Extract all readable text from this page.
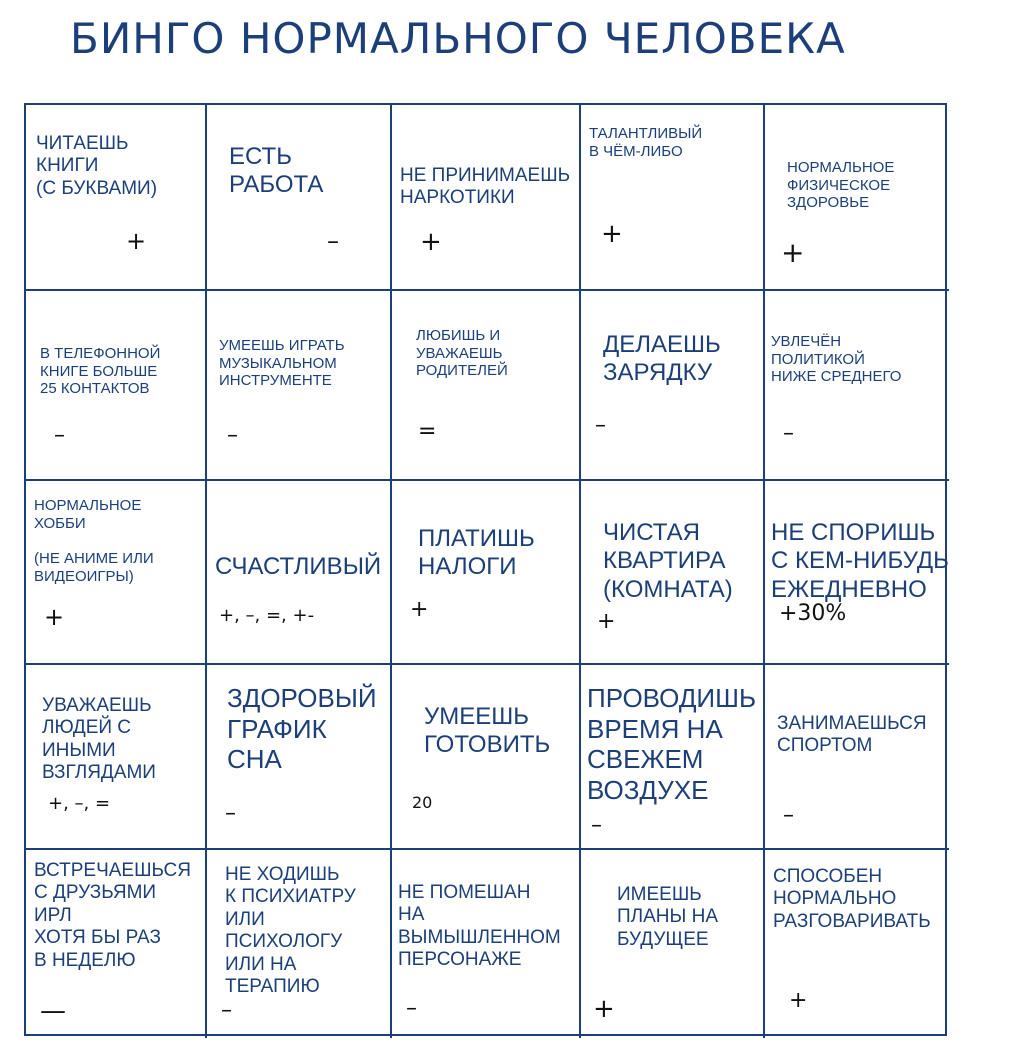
БИНГО НОРМАЛЬНОГО ЧЕЛОВЕКА
ЧИТАЕШЬ
КНИГИ
(С БУКВАМИ)
+
ЕСТЬ
РАБОТА
–
НЕ ПРИНИМАЕШЬ
НАРКОТИКИ
+
ТАЛАНТЛИВЫЙ
В ЧЁМ-ЛИБО
+
НОРМАЛЬНОЕ
ФИЗИЧЕСКОЕ
ЗДОРОВЬЕ
+
В ТЕЛЕФОННОЙ
КНИГЕ БОЛЬШЕ
25 КОНТАКТОВ
–
УМЕЕШЬ ИГРАТЬ
МУЗЫКАЛЬНОМ
ИНСТРУМЕНТЕ
–
ЛЮБИШЬ И
УВАЖАЕШЬ
РОДИТЕЛЕЙ
=
ДЕЛАЕШЬ
ЗАРЯДКУ
–
УВЛЕЧЁН
ПОЛИТИКОЙ
НИЖЕ СРЕДНЕГО
–
НОРМАЛЬНОЕ
ХОББИ

(НЕ АНИМЕ ИЛИ
ВИДЕОИГРЫ)
+
СЧАСТЛИВЫЙ
+, –, =, +-
ПЛАТИШЬ
НАЛОГИ
+
ЧИСТАЯ
КВАРТИРА
(КОМНАТА)
+
НЕ СПОРИШЬ
С КЕМ-НИБУДЬ
ЕЖЕДНЕВНО
+30%
УВАЖАЕШЬ
ЛЮДЕЙ С
ИНЫМИ
ВЗГЛЯДАМИ
+, –, =
ЗДОРОВЫЙ
ГРАФИК
СНА
–
УМЕЕШЬ
ГОТОВИТЬ
20
ПРОВОДИШЬ
ВРЕМЯ НА
СВЕЖЕМ
ВОЗДУХЕ
–
ЗАНИМАЕШЬСЯ
СПОРТОМ
–
ВСТРЕЧАЕШЬСЯ
С ДРУЗЬЯМИ
ИРЛ
ХОТЯ БЫ РАЗ
В НЕДЕЛЮ
—
НЕ ХОДИШЬ
К ПСИХИАТРУ
ИЛИ
ПСИХОЛОГУ
ИЛИ НА
ТЕРАПИЮ
–
НЕ ПОМЕШАН
НА
ВЫМЫШЛЕННОМ
ПЕРСОНАЖЕ
–
ИМЕЕШЬ
ПЛАНЫ НА
БУДУЩЕЕ
+
СПОСОБЕН
НОРМАЛЬНО
РАЗГОВАРИВАТЬ
+
